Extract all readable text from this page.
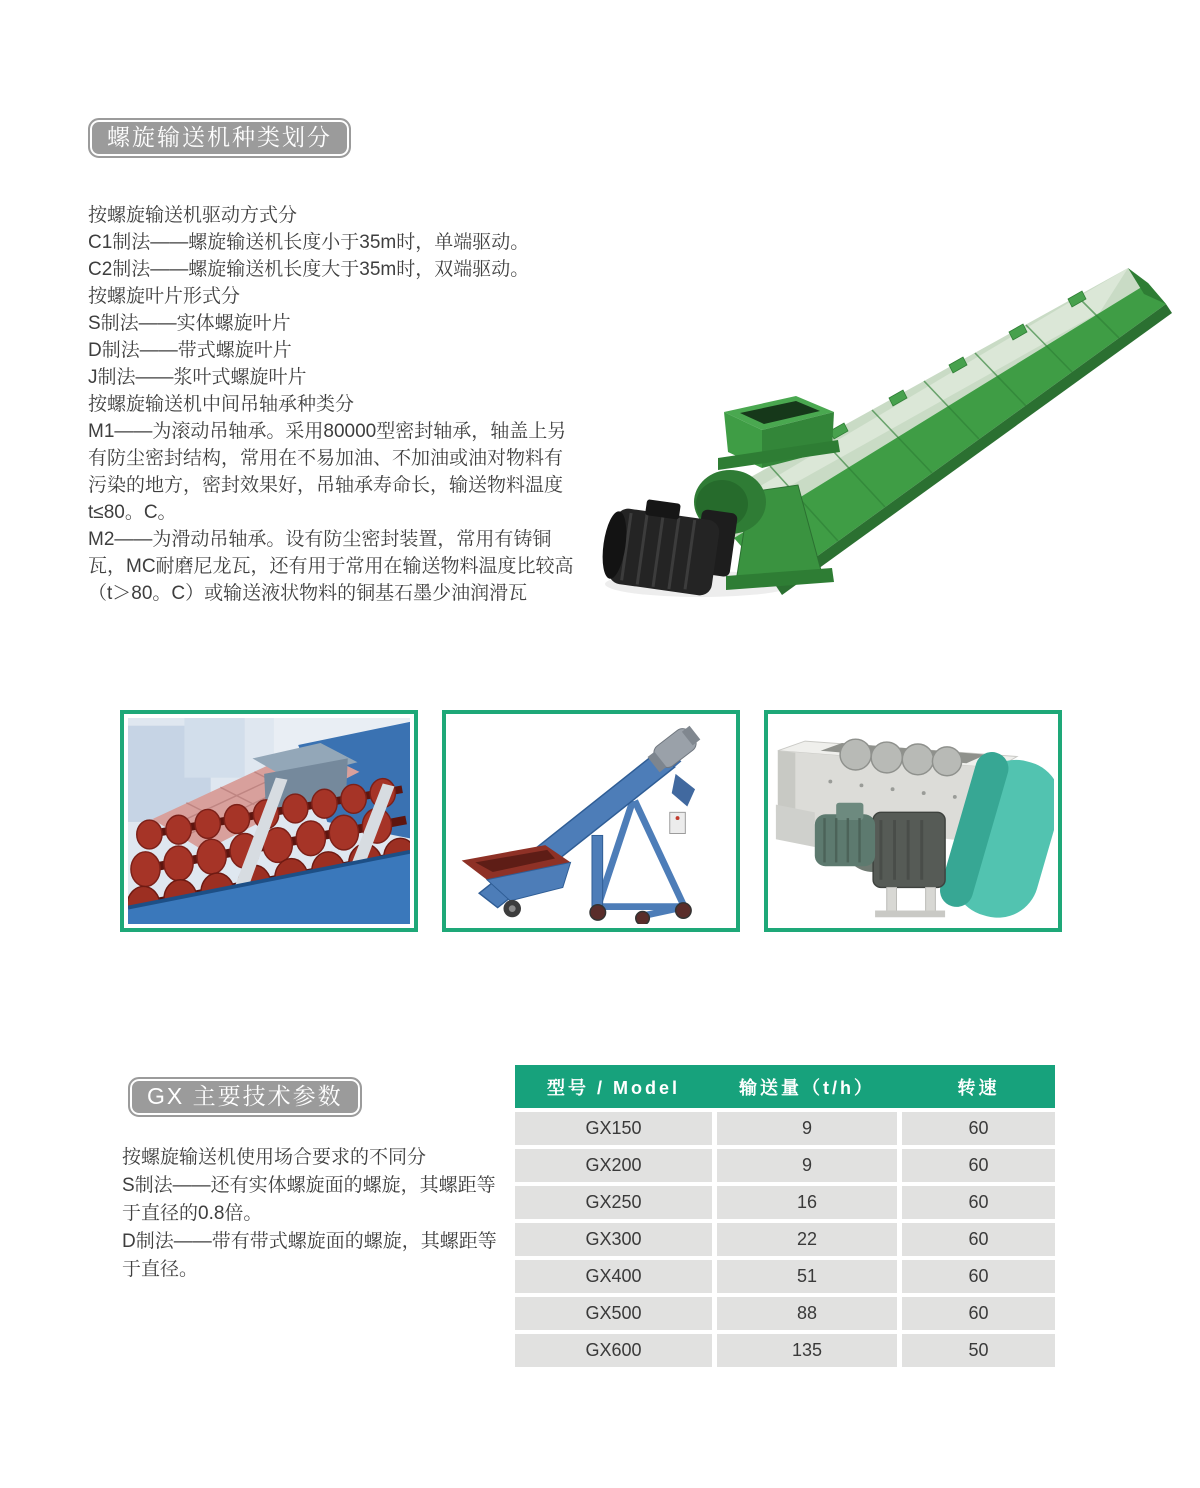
螺旋输送机种类划分
按螺旋输送机驱动方式分
C1制法——螺旋输送机长度小于35m时，单端驱动。
C2制法——螺旋输送机长度大于35m时，双端驱动。
按螺旋叶片形式分
S制法——实体螺旋叶片
D制法——带式螺旋叶片
J制法——浆叶式螺旋叶片
按螺旋输送机中间吊轴承种类分
M1——为滚动吊轴承。采用80000型密封轴承，轴盖上另
有防尘密封结构，常用在不易加油、不加油或油对物料有
污染的地方，密封效果好，吊轴承寿命长，输送物料温度
t≤80。C。
M2——为滑动吊轴承。设有防尘密封装置，常用有铸铜
瓦，MC耐磨尼龙瓦，还有用于常用在输送物料温度比较高
（t＞80。C）或输送液状物料的铜基石墨少油润滑瓦
GX 主要技术参数
按螺旋输送机使用场合要求的不同分
S制法——还有实体螺旋面的螺旋，其螺距等
于直径的0.8倍。
D制法——带有带式螺旋面的螺旋，其螺距等
于直径。
型号 / Model	输送量（t/h）	转速
GX150	9	60
GX200	9	60
GX250	16	60
GX300	22	60
GX400	51	60
GX500	88	60
GX600	135	50
